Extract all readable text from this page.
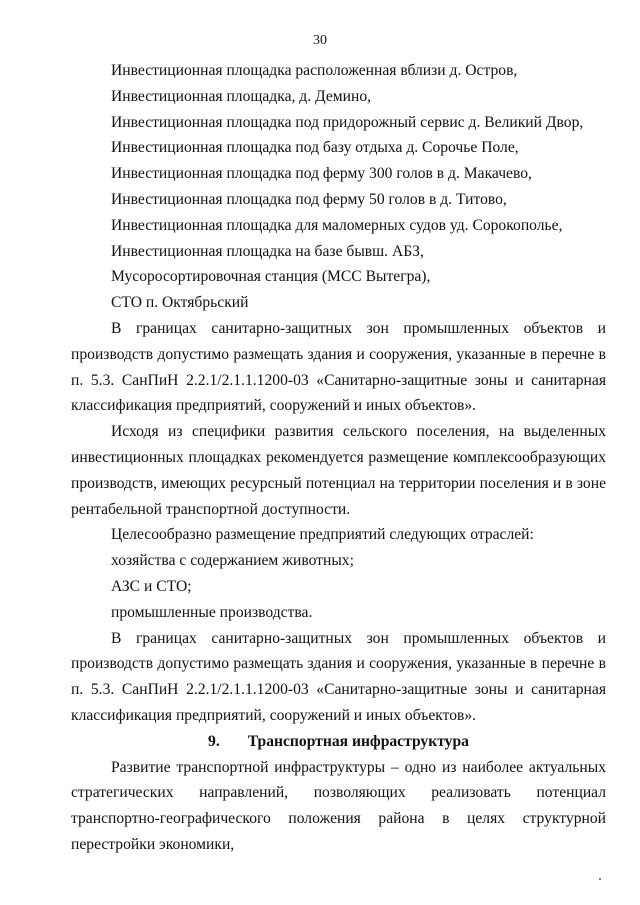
30
Инвестиционная площадка расположенная вблизи д. Остров,
Инвестиционная площадка, д. Демино,
Инвестиционная площадка под придорожный сервис д. Великий Двор,
Инвестиционная площадка под базу отдыха д. Сорочье Поле,
Инвестиционная площадка под ферму 300 голов в д. Макачево,
Инвестиционная площадка под ферму 50 голов в д. Титово,
Инвестиционная площадка для маломерных судов уд. Сорокополье,
Инвестиционная площадка на базе бывш. АБЗ,
Мусоросортировочная станция (МСС Вытегра),
СТО п. Октябрьский

В границах санитарно-защитных зон промышленных объектов и производств допустимо размещать здания и сооружения, указанные в перечне в п. 5.3. СанПиН 2.2.1/2.1.1.1200-03 «Санитарно-защитные зоны и санитарная классификация предприятий, сооружений и иных объектов».

Исходя из специфики развития сельского поселения, на выделенных инвестиционных площадках рекомендуется размещение комплексообразующих производств, имеющих ресурсный потенциал на территории поселения и в зоне рентабельной транспортной доступности.

Целесообразно размещение предприятий следующих отраслей:
хозяйства с содержанием животных;
АЗС и СТО;
промышленные производства.

В границах санитарно-защитных зон промышленных объектов и производств допустимо размещать здания и сооружения, указанные в перечне в п. 5.3. СанПиН 2.2.1/2.1.1.1200-03 «Санитарно-защитные зоны и санитарная классификация предприятий, сооружений и иных объектов».

9. Транспортная инфраструктура

Развитие транспортной инфраструктуры – одно из наиболее актуальных стратегических направлений, позволяющих реализовать потенциал транспортно-географического положения района в целях структурной перестройки экономики,
